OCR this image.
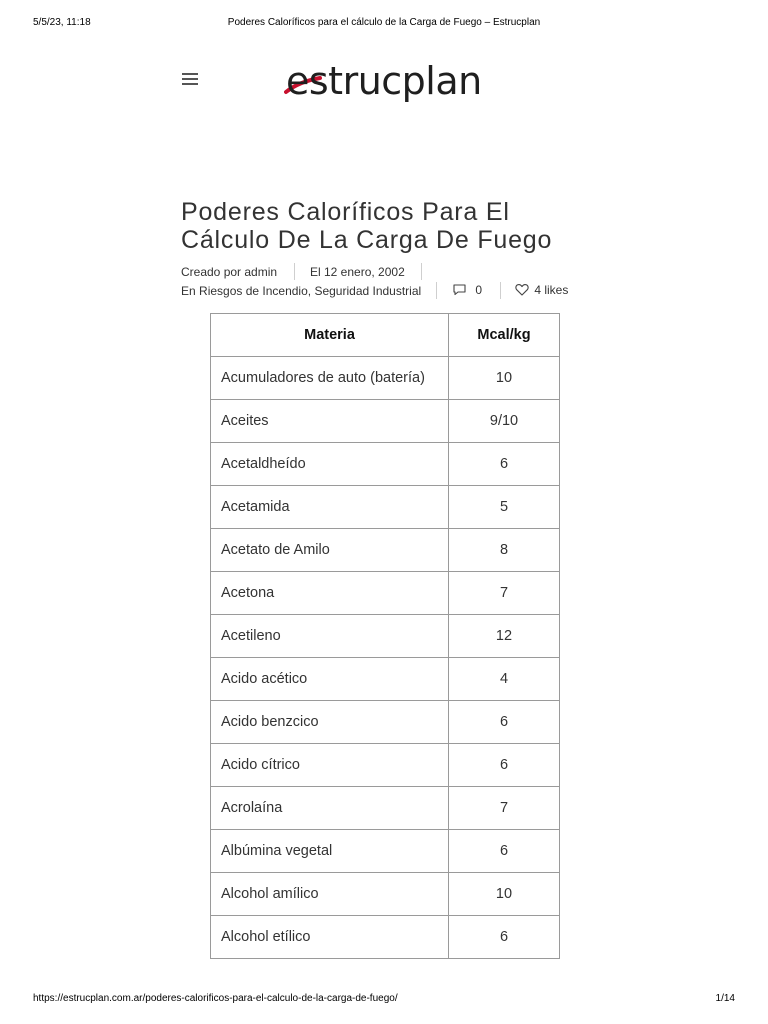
5/5/23, 11:18	Poderes Caloríficos para el cálculo de la Carga de Fuego – Estrucplan
estrucplan
Poderes Caloríficos Para El Cálculo De La Carga De Fuego
Creado por admin	El 12 enero, 2002
En Riesgos de Incendio, Seguridad Industrial	0	4 likes
Materia	Mcal/kg
Acumuladores de auto (batería)	10
Aceites	9/10
Acetaldheído	6
Acetamida	5
Acetato de Amilo	8
Acetona	7
Acetileno	12
Acido acético	4
Acido benzcico	6
Acido cítrico	6
Acrolaína	7
Albúmina vegetal	6
Alcohol amílico	10
Alcohol etílico	6
https://estrucplan.com.ar/poderes-calorificos-para-el-calculo-de-la-carga-de-fuego/	1/14
